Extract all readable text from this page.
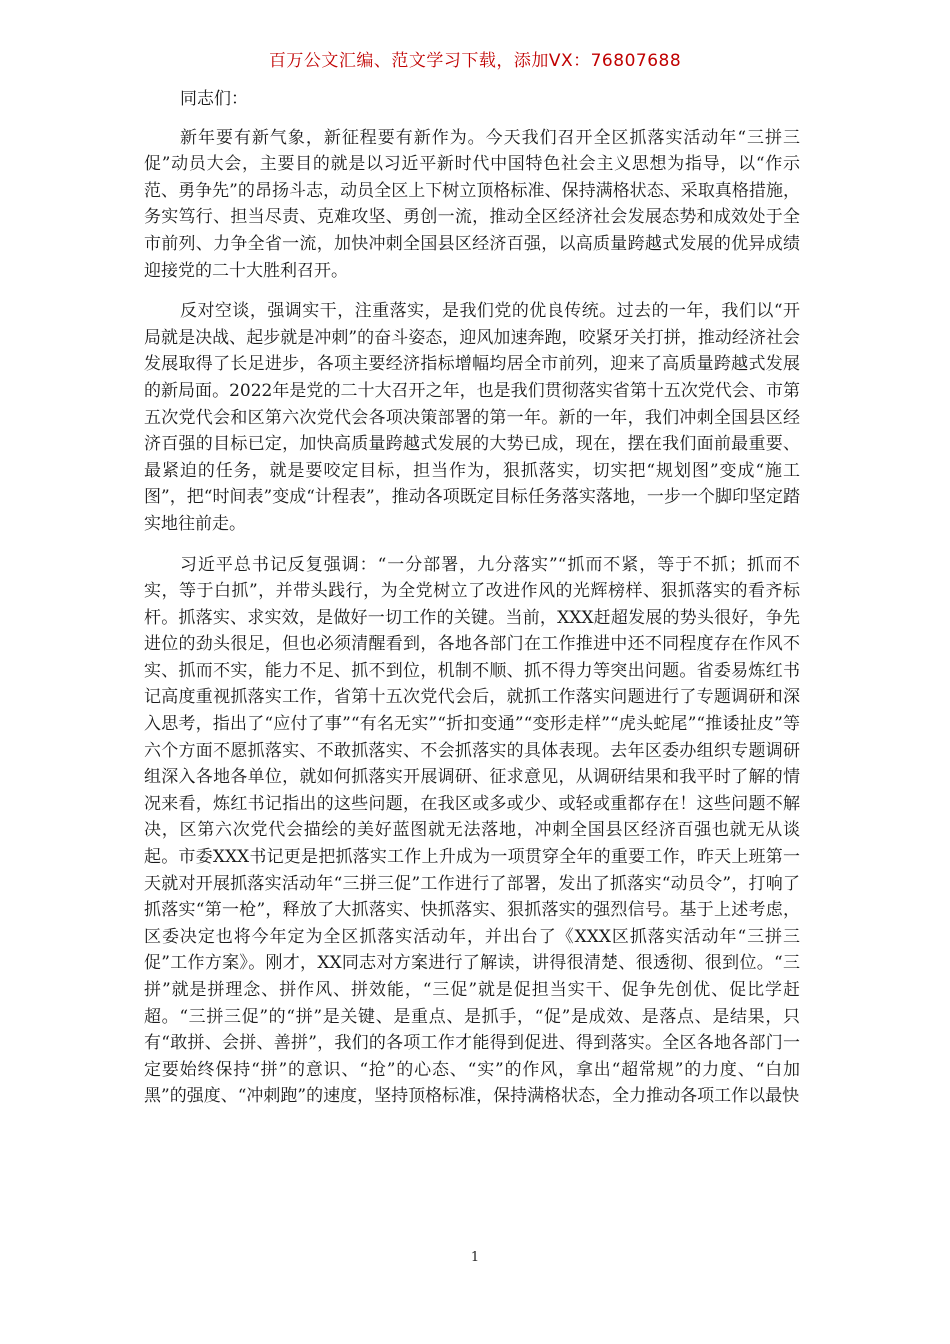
百万公文汇编、范文学习下载，添加VX：76807688

同志们：

新年要有新气象，新征程要有新作为。今天我们召开全区抓落实活动年“三拼三促”动员大会，主要目的就是以习近平新时代中国特色社会主义思想为指导，以“作示范、勇争先”的昂扬斗志，动员全区上下树立顶格标准、保持满格状态、采取真格措施，务实笃行、担当尽责、克难攻坚、勇创一流，推动全区经济社会发展态势和成效处于全市前列、力争全省一流，加快冲刺全国县区经济百强，以高质量跨越式发展的优异成绩迎接党的二十大胜利召开。

反对空谈，强调实干，注重落实，是我们党的优良传统。过去的一年，我们以“开局就是决战、起步就是冲刺”的奋斗姿态，迎风加速奔跑，咬紧牙关打拼，推动经济社会发展取得了长足进步，各项主要经济指标增幅均居全市前列，迎来了高质量跨越式发展的新局面。2022年是党的二十大召开之年，也是我们贯彻落实省第十五次党代会、市第五次党代会和区第六次党代会各项决策部署的第一年。新的一年，我们冲刺全国县区经济百强的目标已定，加快高质量跨越式发展的大势已成，现在，摆在我们面前最重要、最紧迫的任务，就是要咬定目标，担当作为，狠抓落实，切实把“规划图”变成“施工图”，把“时间表”变成“计程表”，推动各项既定目标任务落实落地，一步一个脚印坚定踏实地往前走。

习近平总书记反复强调：“一分部署，九分落实”“抓而不紧，等于不抓；抓而不实，等于白抓”，并带头践行，为全党树立了改进作风的光辉榜样、狠抓落实的看齐标杆。抓落实、求实效，是做好一切工作的关键。当前，XXX赶超发展的势头很好，争先进位的劲头很足，但也必须清醒看到，各地各部门在工作推进中还不同程度存在作风不实、抓而不实，能力不足、抓不到位，机制不顺、抓不得力等突出问题。省委易炼红书记高度重视抓落实工作，省第十五次党代会后，就抓工作落实问题进行了专题调研和深入思考，指出了“应付了事”“有名无实”“折扣变通”“变形走样”“虎头蛇尾”“推诿扯皮”等六个方面不愿抓落实、不敢抓落实、不会抓落实的具体表现。去年区委办组织专题调研组深入各地各单位，就如何抓落实开展调研、征求意见，从调研结果和我平时了解的情况来看，炼红书记指出的这些问题，在我区或多或少、或轻或重都存在！这些问题不解决，区第六次党代会描绘的美好蓝图就无法落地，冲刺全国县区经济百强也就无从谈起。市委XXX书记更是把抓落实工作上升成为一项贯穿全年的重要工作，昨天上班第一天就对开展抓落实活动年“三拼三促”工作进行了部署，发出了抓落实“动员令”，打响了抓落实“第一枪”，释放了大抓落实、快抓落实、狠抓落实的强烈信号。基于上述考虑，区委决定也将今年定为全区抓落实活动年，并出台了《XXX区抓落实活动年“三拼三促”工作方案》。刚才，XX同志对方案进行了解读，讲得很清楚、很透彻、很到位。“三拼”就是拼理念、拼作风、拼效能，“三促”就是促担当实干、促争先创优、促比学赶超。“三拼三促”的“拼”是关键、是重点、是抓手，“促”是成效、是落点、是结果，只有“敢拼、会拼、善拼”，我们的各项工作才能得到促进、得到落实。全区各地各部门一定要始终保持“拼”的意识、“抢”的心态、“实”的作风，拿出“超常规”的力度、“白加黑”的强度、“冲刺跑”的速度，坚持顶格标准，保持满格状态，全力推动各项工作以最快

1
